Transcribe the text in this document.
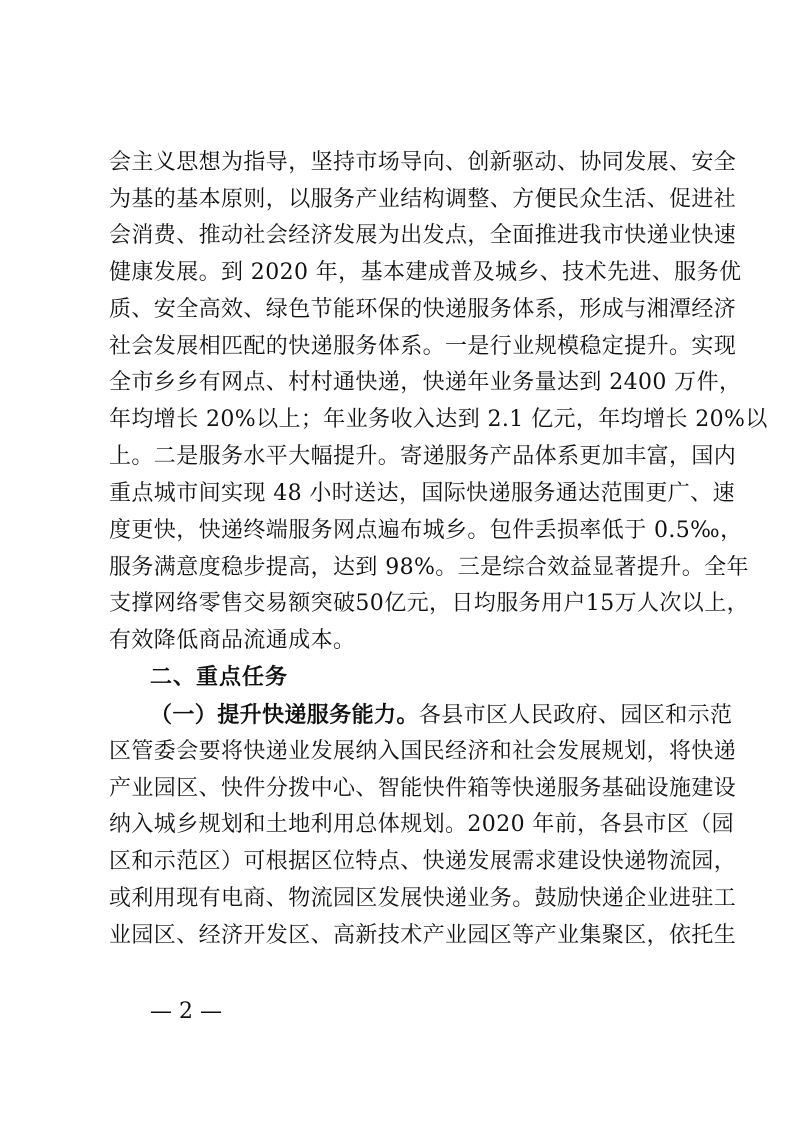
会主义思想为指导，坚持市场导向、创新驱动、协同发展、安全
为基的基本原则，以服务产业结构调整、方便民众生活、促进社
会消费、推动社会经济发展为出发点，全面推进我市快递业快速
健康发展。到 2020 年，基本建成普及城乡、技术先进、服务优
质、安全高效、绿色节能环保的快递服务体系，形成与湘潭经济
社会发展相匹配的快递服务体系。一是行业规模稳定提升。实现
全市乡乡有网点、村村通快递，快递年业务量达到 2400 万件，
年均增长 20%以上；年业务收入达到 2.1 亿元，年均增长 20%以
上。二是服务水平大幅提升。寄递服务产品体系更加丰富，国内
重点城市间实现 48 小时送达，国际快递服务通达范围更广、速
度更快，快递终端服务网点遍布城乡。包件丢损率低于 0.5‰，
服务满意度稳步提高，达到 98%。三是综合效益显著提升。全年
支撑网络零售交易额突破50亿元，日均服务用户15万人次以上，
有效降低商品流通成本。
二、重点任务
（一）提升快递服务能力。各县市区人民政府、园区和示范
区管委会要将快递业发展纳入国民经济和社会发展规划，将快递
产业园区、快件分拨中心、智能快件箱等快递服务基础设施建设
纳入城乡规划和土地利用总体规划。2020 年前，各县市区（园
区和示范区）可根据区位特点、快递发展需求建设快递物流园，
或利用现有电商、物流园区发展快递业务。鼓励快递企业进驻工
业园区、经济开发区、高新技术产业园区等产业集聚区，依托生
— 2 —
